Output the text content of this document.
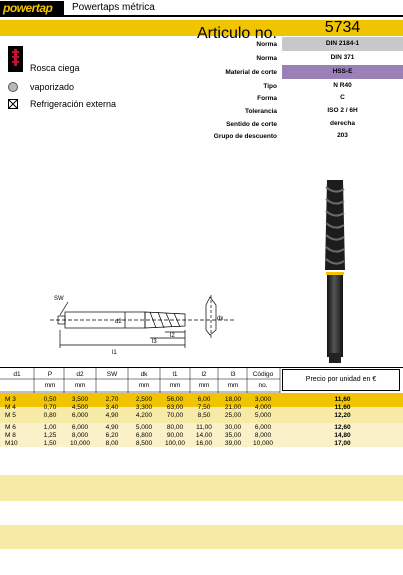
powertap	Powertaps métrica
Articulo no.	5734
Norma	DIN 2184-1
Norma	DIN 371
Material de corte	HSS-E
Tipo	N R40
Forma	C
Tolerancia	ISO 2 / 6H
Sentido de corte	derecha
Grupo de descuento	203
Rosca ciega
vaporizado
Refrigeración externa
SW
d2
l2
l3
l1
dk
Precio por unidad en €
d1	P	d2	SW	dk	l1	l2	l3	Código
mm	mm	mm	mm	mm	mm	no.
M 3	0,50	3,500	2,70	2,500	56,00	6,00	18,00	3,000	11,60
M 4	0,70	4,500	3,40	3,300	63,00	7,50	21,00	4,000	11,60
M 5	0,80	6,000	4,90	4,200	70,00	8,50	25,00	5,000	12,20
M 6	1,00	6,000	4,90	5,000	80,00	11,00	30,00	6,000	12,60
M 8	1,25	8,000	6,20	6,800	90,00	14,00	35,00	8,000	14,80
M10	1,50	10,000	8,00	8,500	100,00	16,00	39,00	10,000	17,00
